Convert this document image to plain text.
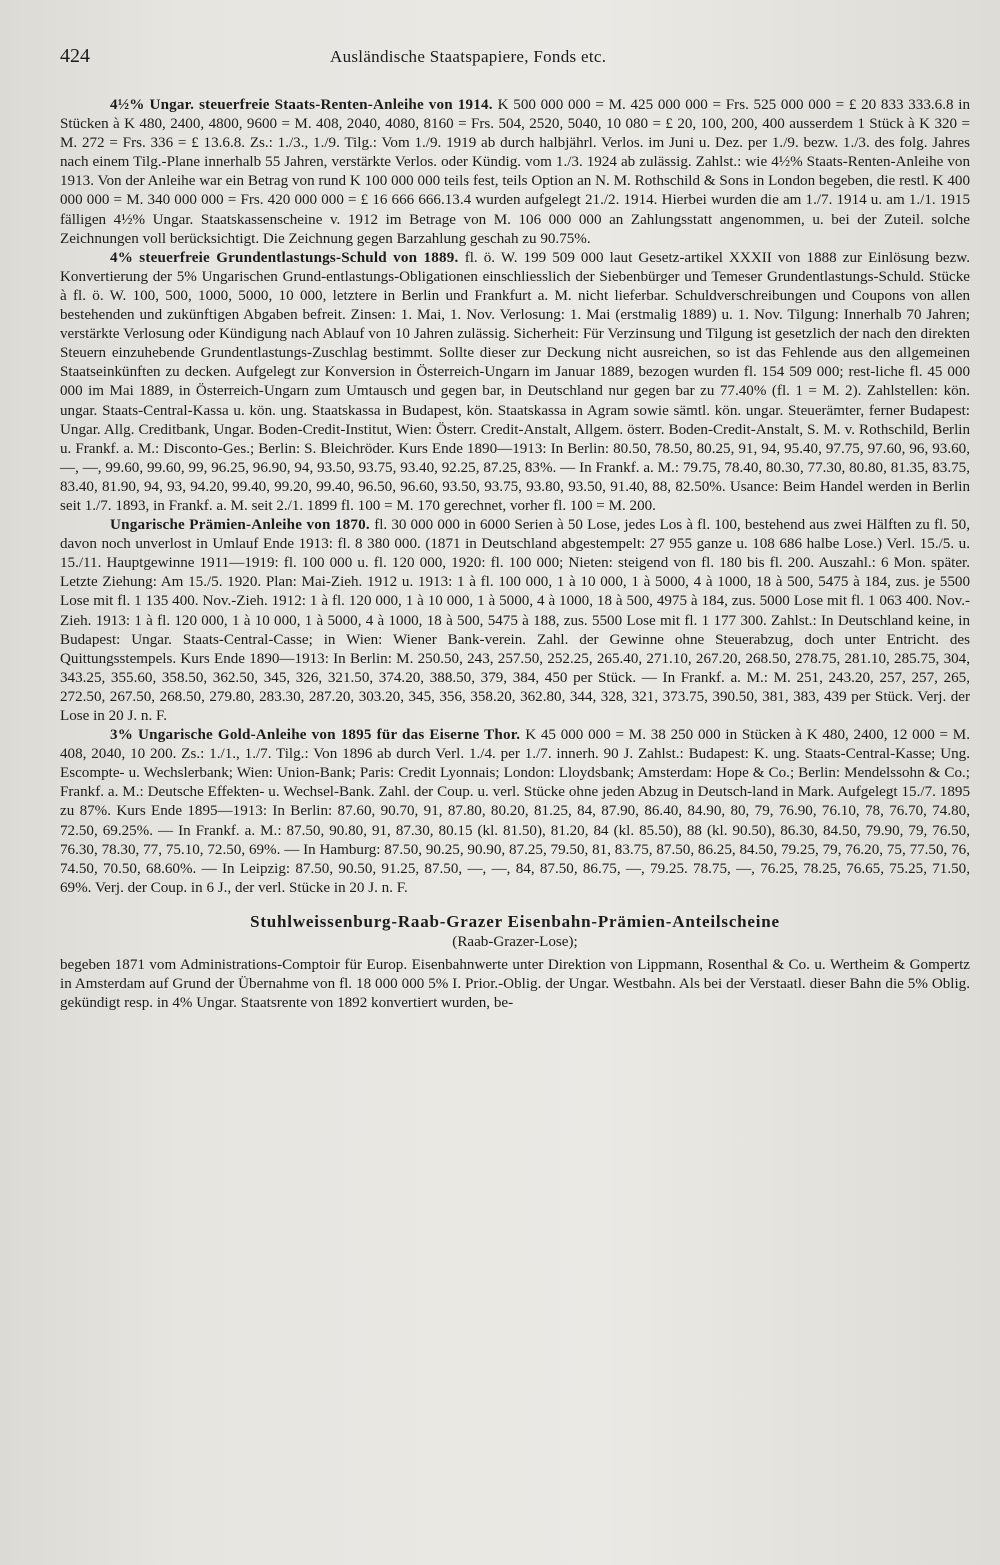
424	Ausländische Staatspapiere, Fonds etc.

4½% Ungar. steuerfreie Staats-Renten-Anleihe von 1914. K 500 000 000 = M. 425 000 000 = Frs. 525 000 000 = £ 20 833 333.6.8 in Stücken à K 480, 2400, 4800, 9600 = M. 408, 2040, 4080, 8160 = Frs. 504, 2520, 5040, 10 080 = £ 20, 100, 200, 400 ausserdem 1 Stück à K 320 = M. 272 = Frs. 336 = £ 13.6.8. Zs.: 1./3., 1./9. Tilg.: Vom 1./9. 1919 ab durch halbjährl. Verlos. im Juni u. Dez. per 1./9. bezw. 1./3. des folg. Jahres nach einem Tilg.-Plane innerhalb 55 Jahren, verstärkte Verlos. oder Kündig. vom 1./3. 1924 ab zulässig. Zahlst.: wie 4½% Staats-Renten-Anleihe von 1913. Von der Anleihe war ein Betrag von rund K 100 000 000 teils fest, teils Option an N. M. Rothschild & Sons in London begeben, die restl. K 400 000 000 = M. 340 000 000 = Frs. 420 000 000 = £ 16 666 666.13.4 wurden aufgelegt 21./2. 1914. Hierbei wurden die am 1./7. 1914 u. am 1./1. 1915 fälligen 4½% Ungar. Staatskassenscheine v. 1912 im Betrage von M. 106 000 000 an Zahlungsstatt angenommen, u. bei der Zuteil. solche Zeichnungen voll berücksichtigt. Die Zeichnung gegen Barzahlung geschah zu 90.75%.

4% steuerfreie Grundentlastungs-Schuld von 1889. fl. ö. W. 199 509 000 laut Gesetz-artikel XXXII von 1888 zur Einlösung bezw. Konvertierung der 5% Ungarischen Grund-entlastungs-Obligationen einschliesslich der Siebenbürger und Temeser Grundentlastungs-Schuld. Stücke à fl. ö. W. 100, 500, 1000, 5000, 10 000, letztere in Berlin und Frankfurt a. M. nicht lieferbar. Schuldverschreibungen und Coupons von allen bestehenden und zukünftigen Abgaben befreit. Zinsen: 1. Mai, 1. Nov. Verlosung: 1. Mai (erstmalig 1889) u. 1. Nov. Tilgung: Innerhalb 70 Jahren; verstärkte Verlosung oder Kündigung nach Ablauf von 10 Jahren zulässig. Sicherheit: Für Verzinsung und Tilgung ist gesetzlich der nach den direkten Steuern einzuhebende Grundentlastungs-Zuschlag bestimmt. Sollte dieser zur Deckung nicht ausreichen, so ist das Fehlende aus den allgemeinen Staatseinkünften zu decken. Aufgelegt zur Konversion in Österreich-Ungarn im Januar 1889, bezogen wurden fl. 154 509 000; rest-liche fl. 45 000 000 im Mai 1889, in Österreich-Ungarn zum Umtausch und gegen bar, in Deutschland nur gegen bar zu 77.40% (fl. 1 = M. 2). Zahlstellen: kön. ungar. Staats-Central-Kassa u. kön. ung. Staatskassa in Budapest, kön. Staatskassa in Agram sowie sämtl. kön. ungar. Steuerämter, ferner Budapest: Ungar. Allg. Creditbank, Ungar. Boden-Credit-Institut, Wien: Österr. Credit-Anstalt, Allgem. österr. Boden-Credit-Anstalt, S. M. v. Rothschild, Berlin u. Frankf. a. M.: Disconto-Ges.; Berlin: S. Bleichröder. Kurs Ende 1890—1913: In Berlin: 80.50, 78.50, 80.25, 91, 94, 95.40, 97.75, 97.60, 96, 93.60, —, —, 99.60, 99.60, 99, 96.25, 96.90, 94, 93.50, 93.75, 93.40, 92.25, 87.25, 83%. — In Frankf. a. M.: 79.75, 78.40, 80.30, 77.30, 80.80, 81.35, 83.75, 83.40, 81.90, 94, 93, 94.20, 99.40, 99.20, 99.40, 96.50, 96.60, 93.50, 93.75, 93.80, 93.50, 91.40, 88, 82.50%. Usance: Beim Handel werden in Berlin seit 1./7. 1893, in Frankf. a. M. seit 2./1. 1899 fl. 100 = M. 170 gerechnet, vorher fl. 100 = M. 200.

Ungarische Prämien-Anleihe von 1870. fl. 30 000 000 in 6000 Serien à 50 Lose, jedes Los à fl. 100, bestehend aus zwei Hälften zu fl. 50, davon noch unverlost in Umlauf Ende 1913: fl. 8 380 000. (1871 in Deutschland abgestempelt: 27 955 ganze u. 108 686 halbe Lose.) Verl. 15./5. u. 15./11. Hauptgewinne 1911—1919: fl. 100 000 u. fl. 120 000, 1920: fl. 100 000; Nieten: steigend von fl. 180 bis fl. 200. Auszahl.: 6 Mon. später. Letzte Ziehung: Am 15./5. 1920. Plan: Mai-Zieh. 1912 u. 1913: 1 à fl. 100 000, 1 à 10 000, 1 à 5000, 4 à 1000, 18 à 500, 5475 à 184, zus. je 5500 Lose mit fl. 1 135 400. Nov.-Zieh. 1912: 1 à fl. 120 000, 1 à 10 000, 1 à 5000, 4 à 1000, 18 à 500, 4975 à 184, zus. 5000 Lose mit fl. 1 063 400. Nov.-Zieh. 1913: 1 à fl. 120 000, 1 à 10 000, 1 à 5000, 4 à 1000, 18 à 500, 5475 à 188, zus. 5500 Lose mit fl. 1 177 300. Zahlst.: In Deutschland keine, in Budapest: Ungar. Staats-Central-Casse; in Wien: Wiener Bank-verein. Zahl. der Gewinne ohne Steuerabzug, doch unter Entricht. des Quittungsstempels. Kurs Ende 1890—1913: In Berlin: M. 250.50, 243, 257.50, 252.25, 265.40, 271.10, 267.20, 268.50, 278.75, 281.10, 285.75, 304, 343.25, 355.60, 358.50, 362.50, 345, 326, 321.50, 374.20, 388.50, 379, 384, 450 per Stück. — In Frankf. a. M.: M. 251, 243.20, 257, 257, 265, 272.50, 267.50, 268.50, 279.80, 283.30, 287.20, 303.20, 345, 356, 358.20, 362.80, 344, 328, 321, 373.75, 390.50, 381, 383, 439 per Stück. Verj. der Lose in 20 J. n. F.

3% Ungarische Gold-Anleihe von 1895 für das Eiserne Thor. K 45 000 000 = M. 38 250 000 in Stücken à K 480, 2400, 12 000 = M. 408, 2040, 10 200. Zs.: 1./1., 1./7. Tilg.: Von 1896 ab durch Verl. 1./4. per 1./7. innerh. 90 J. Zahlst.: Budapest: K. ung. Staats-Central-Kasse; Ung. Escompte- u. Wechslerbank; Wien: Union-Bank; Paris: Credit Lyonnais; London: Lloydsbank; Amsterdam: Hope & Co.; Berlin: Mendelssohn & Co.; Frankf. a. M.: Deutsche Effekten- u. Wechsel-Bank. Zahl. der Coup. u. verl. Stücke ohne jeden Abzug in Deutsch-land in Mark. Aufgelegt 15./7. 1895 zu 87%. Kurs Ende 1895—1913: In Berlin: 87.60, 90.70, 91, 87.80, 80.20, 81.25, 84, 87.90, 86.40, 84.90, 80, 79, 76.90, 76.10, 78, 76.70, 74.80, 72.50, 69.25%. — In Frankf. a. M.: 87.50, 90.80, 91, 87.30, 80.15 (kl. 81.50), 81.20, 84 (kl. 85.50), 88 (kl. 90.50), 86.30, 84.50, 79.90, 79, 76.50, 76.30, 78.30, 77, 75.10, 72.50, 69%. — In Hamburg: 87.50, 90.25, 90.90, 87.25, 79.50, 81, 83.75, 87.50, 86.25, 84.50, 79.25, 79, 76.20, 75, 77.50, 76, 74.50, 70.50, 68.60%. — In Leipzig: 87.50, 90.50, 91.25, 87.50, —, —, 84, 87.50, 86.75, —, 79.25. 78.75, —, 76.25, 78.25, 76.65, 75.25, 71.50, 69%. Verj. der Coup. in 6 J., der verl. Stücke in 20 J. n. F.

Stuhlweissenburg-Raab-Grazer Eisenbahn-Prämien-Anteilscheine

(Raab-Grazer-Lose);

begeben 1871 vom Administrations-Comptoir für Europ. Eisenbahnwerte unter Direktion von Lippmann, Rosenthal & Co. u. Wertheim & Gompertz in Amsterdam auf Grund der Übernahme von fl. 18 000 000 5% I. Prior.-Oblig. der Ungar. Westbahn. Als bei der Verstaatl. dieser Bahn die 5% Oblig. gekündigt resp. in 4% Ungar. Staatsrente von 1892 konvertiert wurden, be-
